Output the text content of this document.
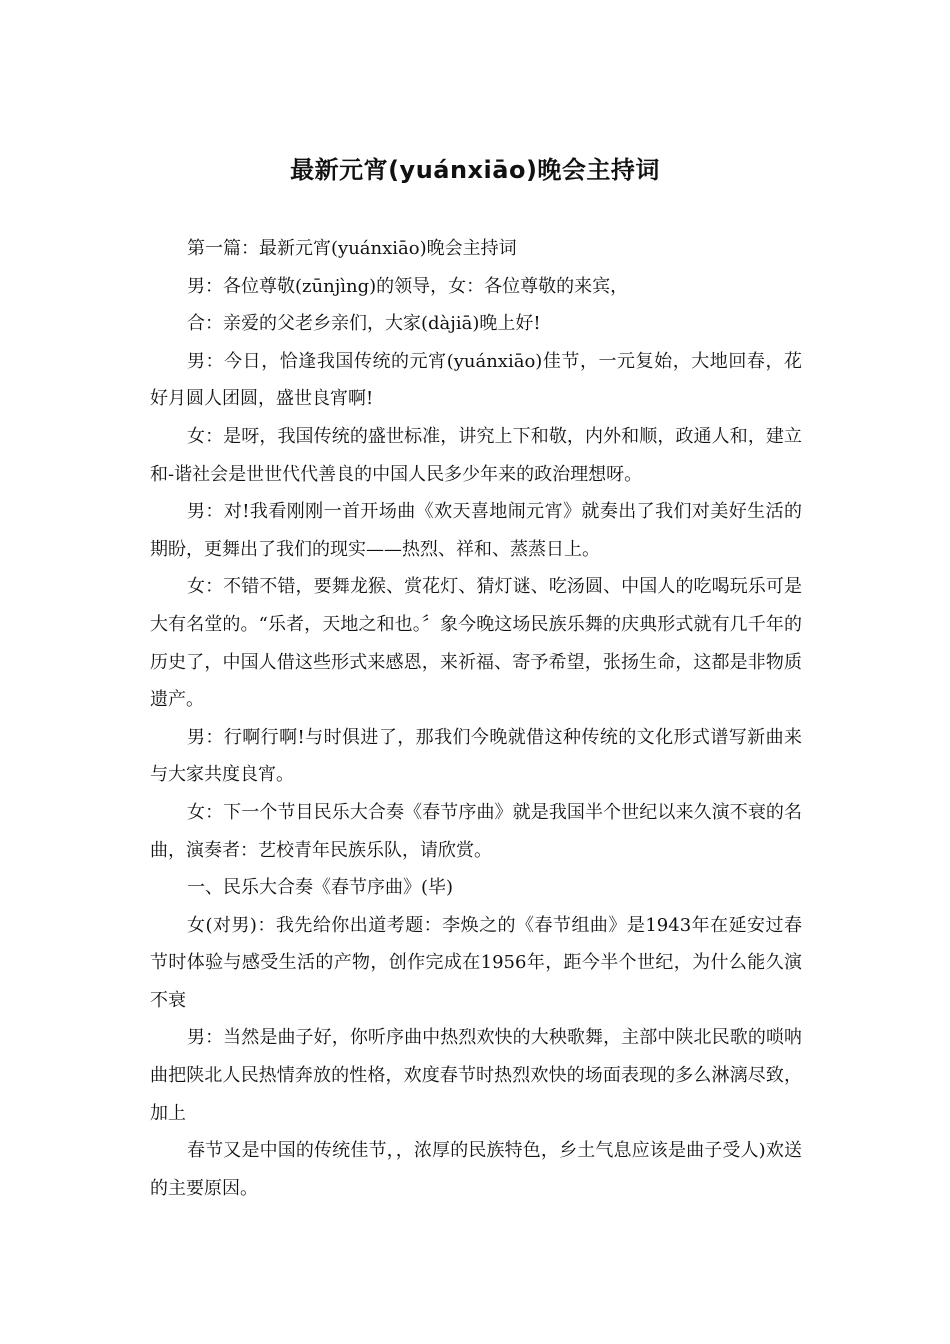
最新元宵(yuánxiāo)晚会主持词

第一篇：最新元宵(yuánxiāo)晚会主持词

男：各位尊敬(zūnjìng)的领导，女：各位尊敬的来宾，

合：亲爱的父老乡亲们，大家(dàjiā)晚上好!

男：今日，恰逢我国传统的元宵(yuánxiāo)佳节，一元复始，大地回春，花好月圆人团圆，盛世良宵啊!

女：是呀，我国传统的盛世标准，讲究上下和敬，内外和顺，政通人和，建立和-谐社会是世世代代善良的中国人民多少年来的政治理想呀。

男：对!我看刚刚一首开场曲《欢天喜地闹元宵》就奏出了我们对美好生活的期盼，更舞出了我们的现实——热烈、祥和、蒸蒸日上。

女：不错不错，要舞龙猴、赏花灯、猜灯谜、吃汤圆、中国人的吃喝玩乐可是大有名堂的。“乐者，天地之和也。〞象今晚这场民族乐舞的庆典形式就有几千年的历史了，中国人借这些形式来感恩，来祈福、寄予希望，张扬生命，这都是非物质遗产。

男：行啊行啊!与时俱进了，那我们今晚就借这种传统的文化形式谱写新曲来与大家共度良宵。

女：下一个节目民乐大合奏《春节序曲》就是我国半个世纪以来久演不衰的名曲，演奏者：艺校青年民族乐队，请欣赏。

一、民乐大合奏《春节序曲》(毕)

女(对男)：我先给你出道考题：李焕之的《春节组曲》是1943年在延安过春节时体验与感受生活的产物，创作完成在1956年，距今半个世纪，为什么能久演不衰

男：当然是曲子好，你听序曲中热烈欢快的大秧歌舞，主部中陕北民歌的唢呐曲把陕北人民热情奔放的性格，欢度春节时热烈欢快的场面表现的多么淋漓尽致，加上

春节又是中国的传统佳节，，浓厚的民族特色，乡土气息应该是曲子受人)欢送的主要原因。
